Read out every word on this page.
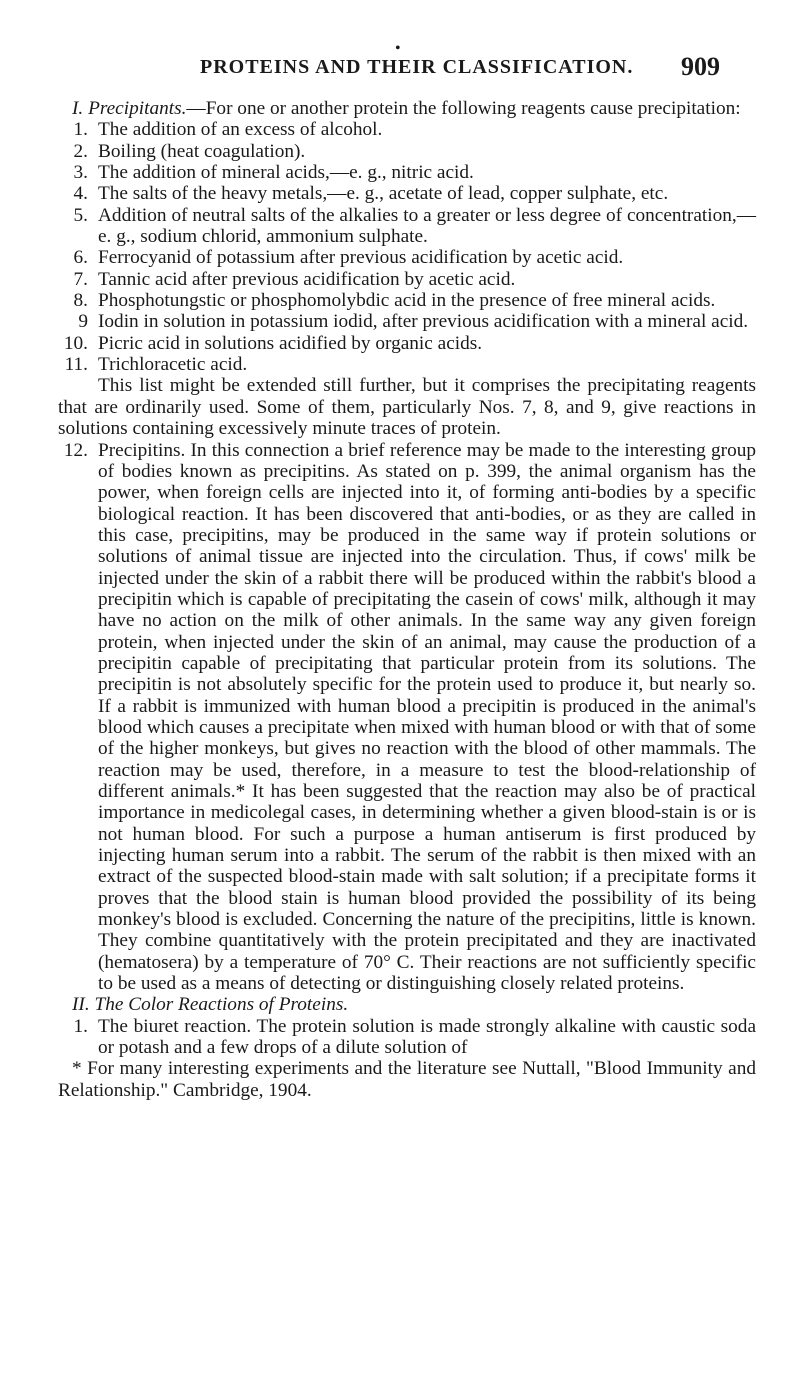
•
PROTEINS AND THEIR CLASSIFICATION. 909

I. Precipitants.—For one or another protein the following reagents cause precipitation:

1. The addition of an excess of alcohol.
2. Boiling (heat coagulation).
3. The addition of mineral acids,—e. g., nitric acid.
4. The salts of the heavy metals,—e. g., acetate of lead, copper sulphate, etc.
5. Addition of neutral salts of the alkalies to a greater or less degree of concentration,—e. g., sodium chlorid, ammonium sulphate.
6. Ferrocyanid of potassium after previous acidification by acetic acid.
7. Tannic acid after previous acidification by acetic acid.
8. Phosphotungstic or phosphomolybdic acid in the presence of free mineral acids.
9 Iodin in solution in potassium iodid, after previous acidification with a mineral acid.
10. Picric acid in solutions acidified by organic acids.
11. Trichloracetic acid.

This list might be extended still further, but it comprises the precipitating reagents that are ordinarily used. Some of them, particularly Nos. 7, 8, and 9, give reactions in solutions containing excessively minute traces of protein.

12. Precipitins. In this connection a brief reference may be made to the interesting group of bodies known as precipitins. As stated on p. 399, the animal organism has the power, when foreign cells are injected into it, of forming anti-bodies by a specific biological reaction. It has been discovered that anti-bodies, or as they are called in this case, precipitins, may be produced in the same way if protein solutions or solutions of animal tissue are injected into the circulation. Thus, if cows' milk be injected under the skin of a rabbit there will be produced within the rabbit's blood a precipitin which is capable of precipitating the casein of cows' milk, although it may have no action on the milk of other animals. In the same way any given foreign protein, when injected under the skin of an animal, may cause the production of a precipitin capable of precipitating that particular protein from its solutions. The precipitin is not absolutely specific for the protein used to produce it, but nearly so. If a rabbit is immunized with human blood a precipitin is produced in the animal's blood which causes a precipitate when mixed with human blood or with that of some of the higher monkeys, but gives no reaction with the blood of other mammals. The reaction may be used, therefore, in a measure to test the blood-relationship of different animals.* It has been suggested that the reaction may also be of practical importance in medicolegal cases, in determining whether a given blood-stain is or is not human blood. For such a purpose a human antiserum is first produced by injecting human serum into a rabbit. The serum of the rabbit is then mixed with an extract of the suspected blood-stain made with salt solution; if a precipitate forms it proves that the blood stain is human blood provided the possibility of its being monkey's blood is excluded. Concerning the nature of the precipitins, little is known. They combine quantitatively with the protein precipitated and they are inactivated (hematosera) by a temperature of 70° C. Their reactions are not sufficiently specific to be used as a means of detecting or distinguishing closely related proteins.

II. The Color Reactions of Proteins.

1. The biuret reaction. The protein solution is made strongly alkaline with caustic soda or potash and a few drops of a dilute solution of

* For many interesting experiments and the literature see Nuttall, "Blood Immunity and Relationship." Cambridge, 1904.
